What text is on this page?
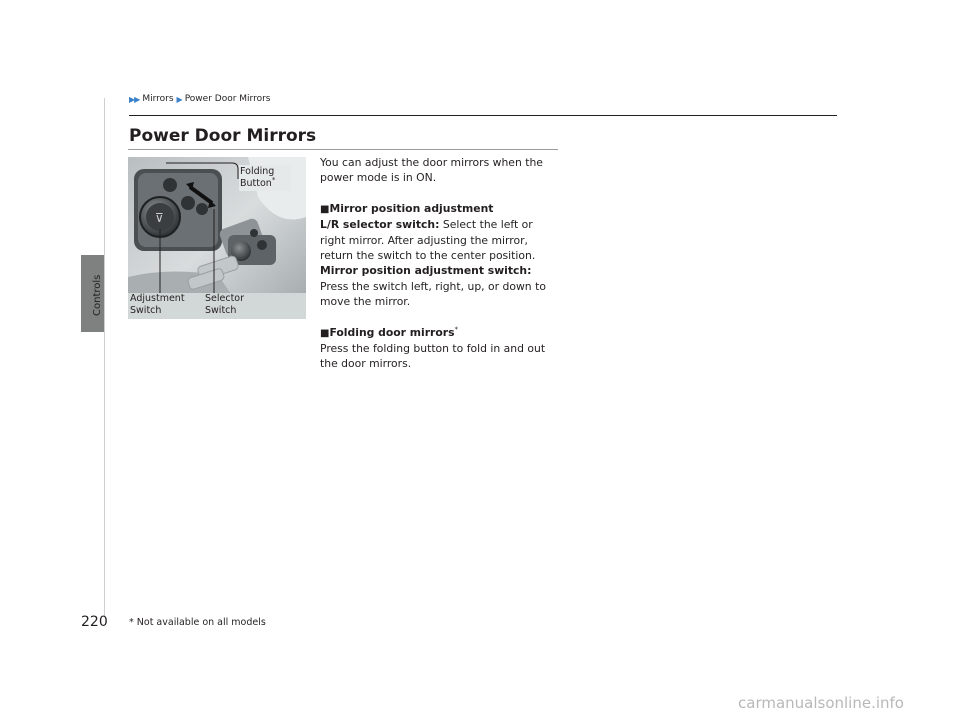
Controls
▶▶ Mirrors ▶ Power Door Mirrors
Power Door Mirrors
⊽
Folding
Button*
Adjustment
Switch
Selector
Switch

You can adjust the door mirrors when the power mode is in ON.

■Mirror position adjustment

L/R selector switch: Select the left or right mirror. After adjusting the mirror, return the switch to the center position.

Mirror position adjustment switch: Press the switch left, right, up, or down to move the mirror.

■Folding door mirrors*

Press the folding button to fold in and out the door mirrors.

220 * Not available on all models
carmanualsonline.info
